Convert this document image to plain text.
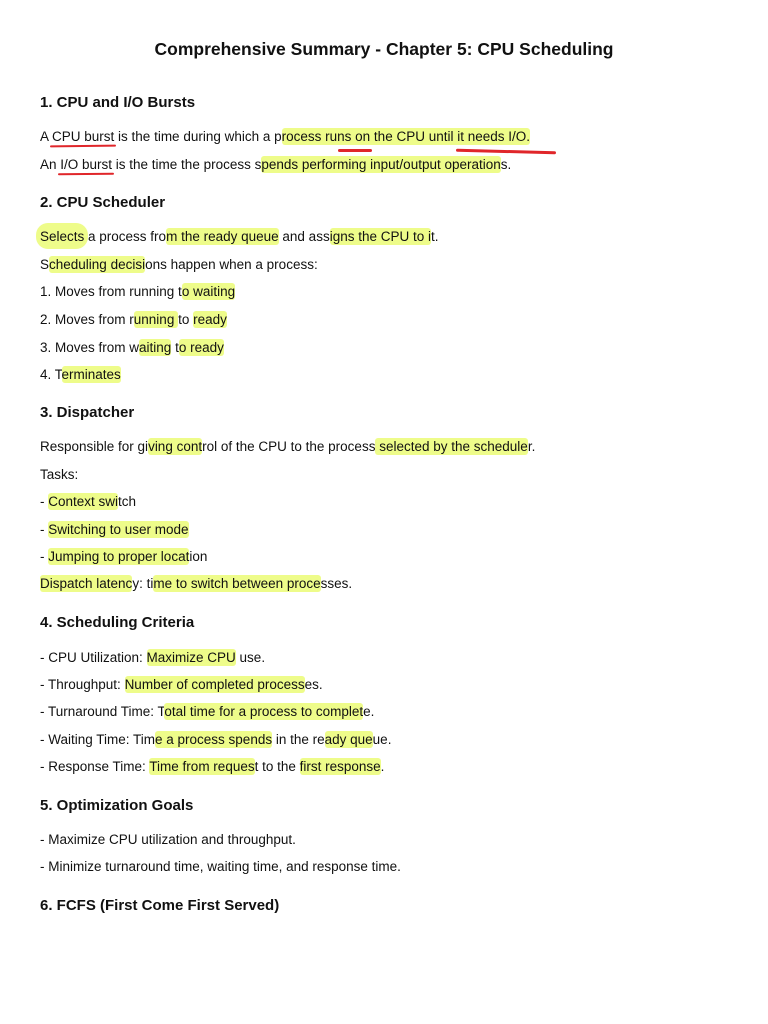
Comprehensive Summary - Chapter 5: CPU Scheduling
1. CPU and I/O Bursts

A CPU burst is the time during which a process runs on the CPU until it needs I/O.

An I/O burst is the time the process spends performing input/output operations.

2. CPU Scheduler

Selects a process from the ready queue and assigns the CPU to it.

Scheduling decisions happen when a process:

1. Moves from running to waiting

2. Moves from running to ready

3. Moves from waiting to ready

4. Terminates

3. Dispatcher

Responsible for giving control of the CPU to the process selected by the scheduler.

Tasks:

- Context switch

- Switching to user mode

- Jumping to proper location

Dispatch latency: time to switch between processes.

4. Scheduling Criteria

- CPU Utilization: Maximize CPU use.

- Throughput: Number of completed processes.

- Turnaround Time: Total time for a process to complete.

- Waiting Time: Time a process spends in the ready queue.

- Response Time: Time from request to the first response.

5. Optimization Goals

- Maximize CPU utilization and throughput.

- Minimize turnaround time, waiting time, and response time.

6. FCFS (First Come First Served)
